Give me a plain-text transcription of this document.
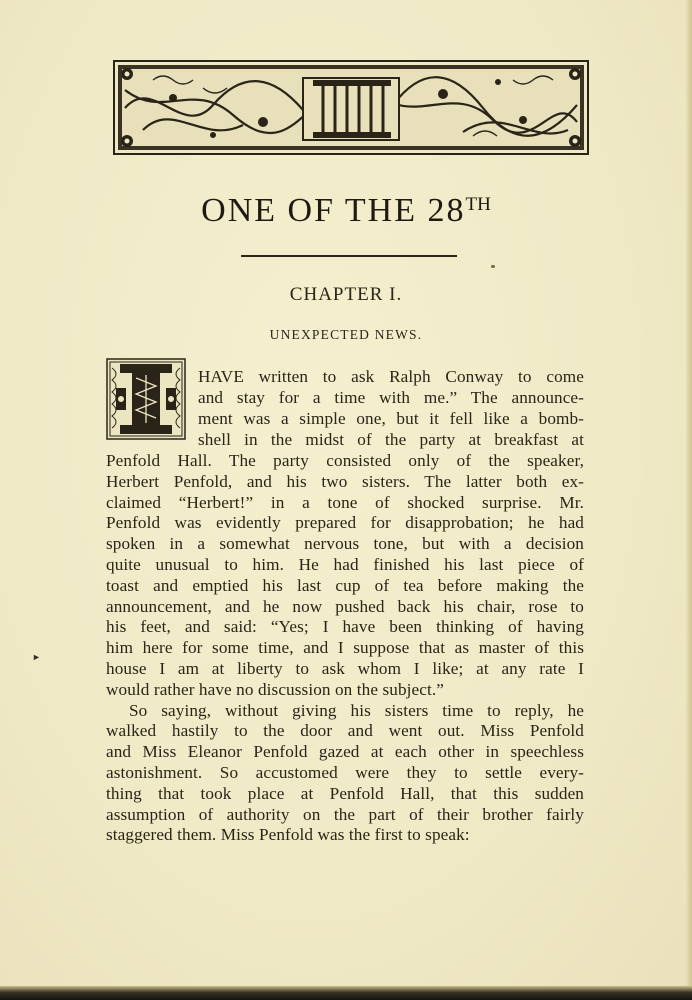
ONE OF THE 28TH
CHAPTER I.
UNEXPECTED NEWS.
HAVE written to ask Ralph Conway to come
and stay for a time with me.” The announce-
ment was a simple one, but it fell like a bomb-
shell in the midst of the party at breakfast at
Penfold Hall. The party consisted only of the speaker,
Herbert Penfold, and his two sisters. The latter both ex-
claimed “Herbert!” in a tone of shocked surprise. Mr.
Penfold was evidently prepared for disapprobation; he had
spoken in a somewhat nervous tone, but with a decision
quite unusual to him. He had finished his last piece of
toast and emptied his last cup of tea before making the
announcement, and he now pushed back his chair, rose to
his feet, and said: “Yes; I have been thinking of having
him here for some time, and I suppose that as master of this
house I am at liberty to ask whom I like; at any rate I
would rather have no discussion on the subject.”
So saying, without giving his sisters time to reply, he
walked hastily to the door and went out. Miss Penfold
and Miss Eleanor Penfold gazed at each other in speechless
astonishment. So accustomed were they to settle every-
thing that took place at Penfold Hall, that this sudden
assumption of authority on the part of their brother fairly
staggered them. Miss Penfold was the first to speak:
►
